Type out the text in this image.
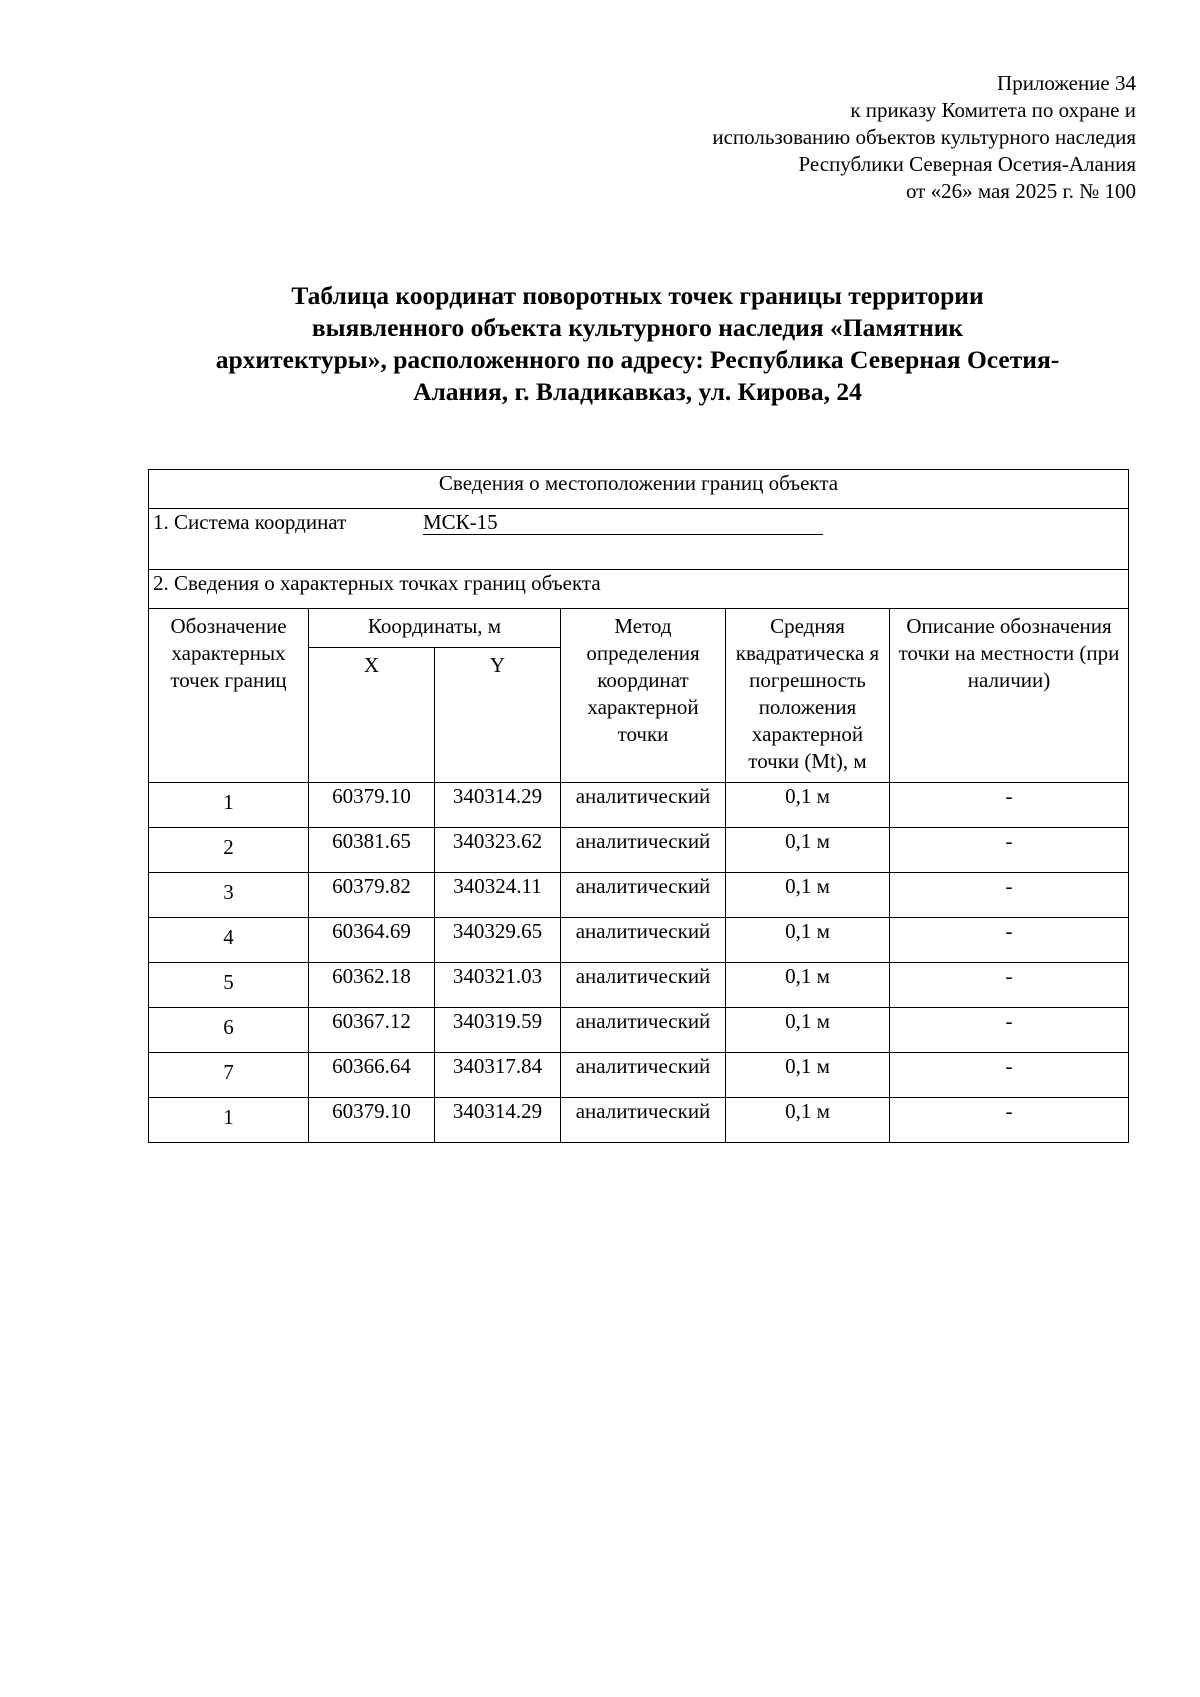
Приложение 34
к приказу Комитета по охране и
использованию объектов культурного наследия
Республики Северная Осетия-Алания
от «26» мая 2025 г. № 100
Таблица координат поворотных точек границы территории
выявленного объекта культурного наследия «Памятник
архитектуры», расположенного по адресу: Республика Северная Осетия-
Алания, г. Владикавказ, ул. Кирова, 24
Сведения о местоположении границ объекта					
1. Система координат МСК-15					
2. Сведения о характерных точках границ объекта					
Обозначение характерных точек границ	Координаты, м		Метод определения координат характерной точки	Средняя квадратическа я погрешность положения характерной точки (Mt), м	Описание обозначения точки на местности (при наличии)
	X	Y			
1	60379.10	340314.29	аналитический	0,1 м	-
2	60381.65	340323.62	аналитический	0,1 м	-
3	60379.82	340324.11	аналитический	0,1 м	-
4	60364.69	340329.65	аналитический	0,1 м	-
5	60362.18	340321.03	аналитический	0,1 м	-
6	60367.12	340319.59	аналитический	0,1 м	-
7	60366.64	340317.84	аналитический	0,1 м	-
1	60379.10	340314.29	аналитический	0,1 м	-
